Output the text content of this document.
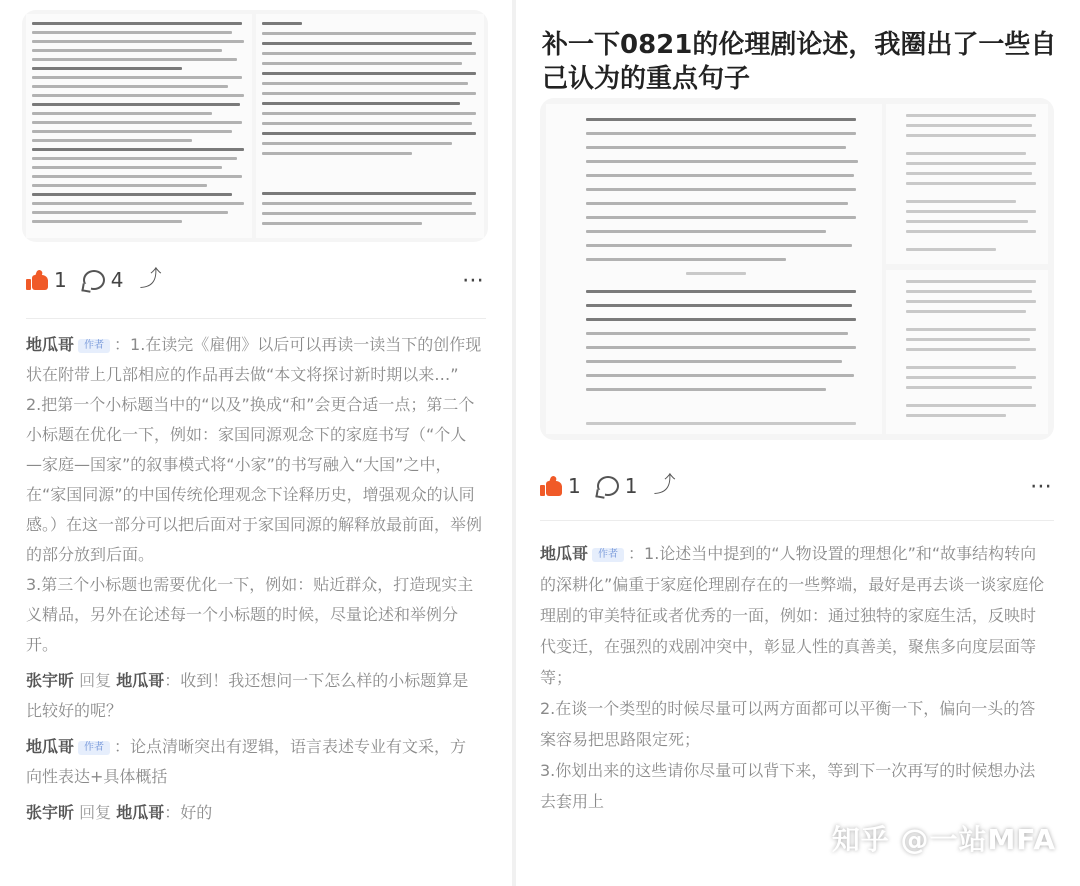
1 4 ⤴	⋯

地瓜哥 作者 ：1.在读完《雇佣》以后可以再读一读当下的创作现状在附带上几部相应的作品再去做“本文将探讨新时期以来…”

2.把第一个小标题当中的“以及”换成“和”会更合适一点；第二个小标题在优化一下，例如：家国同源观念下的家庭书写（“个人—家庭—国家”的叙事模式将“小家”的书写融入“大国”之中，在“家国同源”的中国传统伦理观念下诠释历史，增强观众的认同感。）在这一部分可以把后面对于家国同源的解释放最前面，举例的部分放到后面。

3.第三个小标题也需要优化一下，例如：贴近群众，打造现实主义精品，另外在论述每一个小标题的时候，尽量论述和举例分开。

张宇昕 回复 地瓜哥：收到！我还想问一下怎么样的小标题算是比较好的呢？

地瓜哥 作者 ：论点清晰突出有逻辑，语言表述专业有文采，方向性表达+具体概括

张宇昕 回复 地瓜哥：好的

补一下0821的伦理剧论述，我圈出了一些自己认为的重点句子
1 1 ⤴	⋯

地瓜哥 作者 ：1.论述当中提到的“人物设置的理想化”和“故事结构转向的深耕化”偏重于家庭伦理剧存在的一些弊端，最好是再去谈一谈家庭伦理剧的审美特征或者优秀的一面，例如：通过独特的家庭生活，反映时代变迁，在强烈的戏剧冲突中，彰显人性的真善美，聚焦多向度层面等等；

2.在谈一个类型的时候尽量可以两方面都可以平衡一下，偏向一头的答案容易把思路限定死；

3.你划出来的这些请你尽量可以背下来，等到下一次再写的时候想办法去套用上

知乎 @一站MFA
